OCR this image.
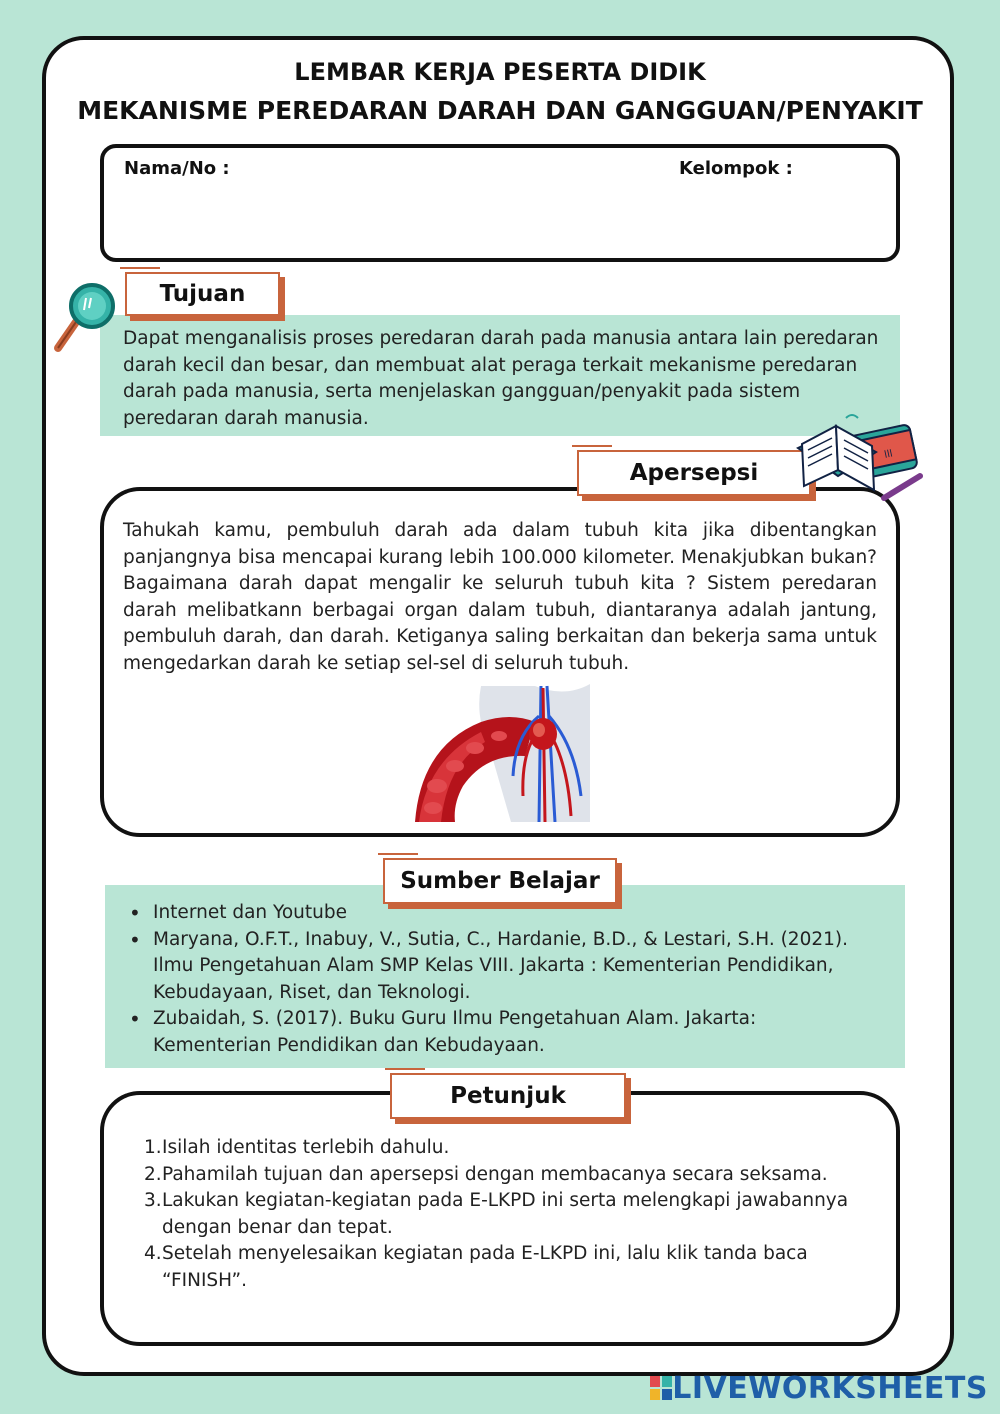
LEMBAR KERJA PESERTA DIDIK
MEKANISME PEREDARAN DARAH DAN GANGGUAN/PENYAKIT
Nama/No :	Kelompok :
Tujuan
Dapat menganalisis proses peredaran darah pada manusia antara lain peredaran darah kecil dan besar, dan membuat alat peraga terkait mekanisme peredaran darah pada manusia, serta menjelaskan gangguan/penyakit pada sistem peredaran darah manusia.
Apersepsi
lll
Tahukah kamu, pembuluh darah ada dalam tubuh kita jika dibentangkan panjangnya bisa mencapai kurang lebih 100.000 kilometer. Menakjubkan bukan? Bagaimana darah dapat mengalir ke seluruh tubuh kita ? Sistem peredaran darah melibatkann berbagai organ dalam tubuh, diantaranya adalah jantung, pembuluh darah, dan darah. Ketiganya saling berkaitan dan bekerja sama untuk mengedarkan darah ke setiap sel-sel di seluruh tubuh.
Sumber Belajar
• Internet dan Youtube
• Maryana, O.F.T., Inabuy, V., Sutia, C., Hardanie, B.D., & Lestari, S.H. (2021). Ilmu Pengetahuan Alam SMP Kelas VIII. Jakarta : Kementerian Pendidikan, Kebudayaan, Riset, dan Teknologi.
• Zubaidah, S. (2017). Buku Guru Ilmu Pengetahuan Alam. Jakarta: Kementerian Pendidikan dan Kebudayaan.
Petunjuk
1. Isilah identitas terlebih dahulu.
2. Pahamilah tujuan dan apersepsi dengan membacanya secara seksama.
3. Lakukan kegiatan-kegiatan pada E-LKPD ini serta melengkapi jawabannya dengan benar dan tepat.
4. Setelah menyelesaikan kegiatan pada E-LKPD ini, lalu klik tanda baca “FINISH”.
LIVEWORKSHEETS
